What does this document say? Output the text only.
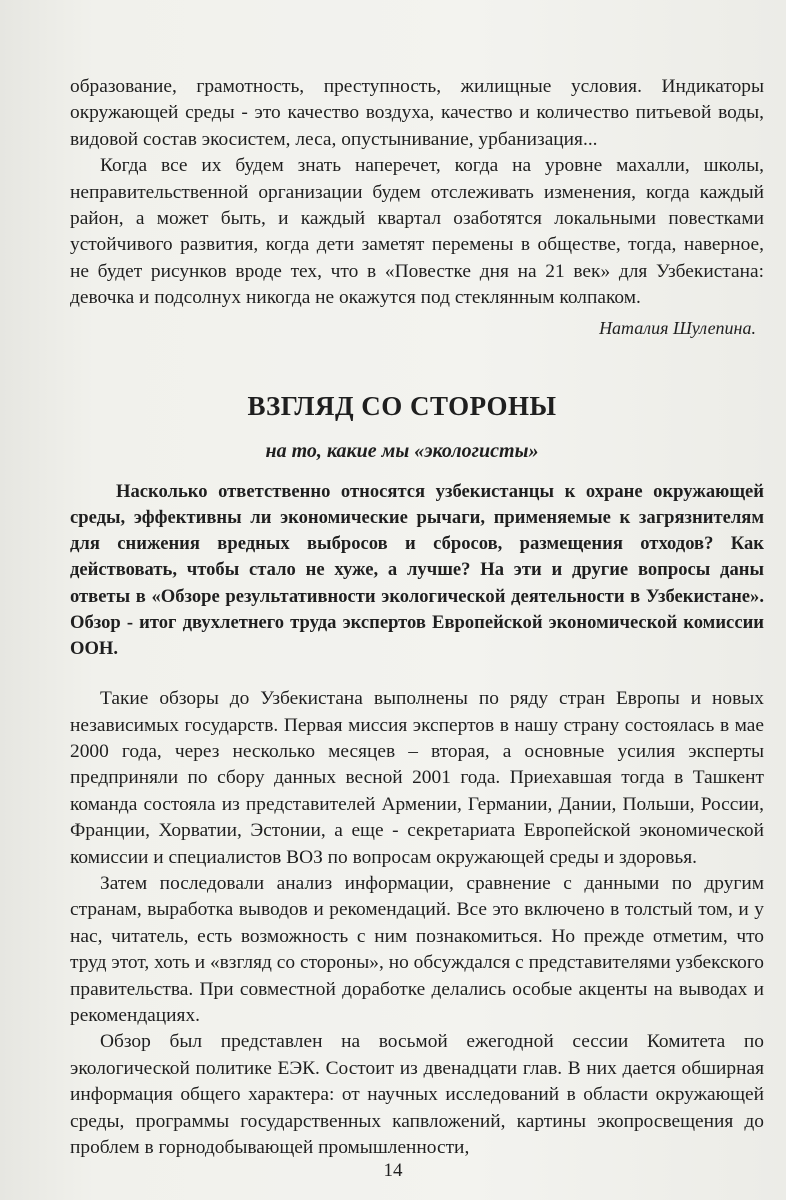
образование, грамотность, преступность, жилищные условия. Индикаторы окружающей среды - это качество воздуха, качество и количество питьевой воды, видовой состав экосистем, леса, опустынивание, урбанизация...

Когда все их будем знать наперечет, когда на уровне махалли, школы, неправительственной организации будем отслеживать изменения, когда каждый район, а может быть, и каждый квартал озаботятся локальными повестками устойчивого развития, когда дети заметят перемены в обществе, тогда, наверное, не будет рисунков вроде тех, что в «Повестке дня на 21 век» для Узбекистана: девочка и подсолнух никогда не окажутся под стеклянным колпаком.

Наталия Шулепина.

ВЗГЛЯД СО СТОРОНЫ
на то, какие мы «экологисты»

Насколько ответственно относятся узбекистанцы к охране окружающей среды, эффективны ли экономические рычаги, применяемые к загрязнителям для снижения вредных выбросов и сбросов, размещения отходов? Как действовать, чтобы стало не хуже, а лучше? На эти и другие вопросы даны ответы в «Обзоре результативности экологической деятельности в Узбекистане». Обзор - итог двухлетнего труда экспертов Европейской экономической комиссии ООН.

Такие обзоры до Узбекистана выполнены по ряду стран Европы и новых независимых государств. Первая миссия экспертов в нашу страну состоялась в мае 2000 года, через несколько месяцев – вторая, а основные усилия эксперты предприняли по сбору данных весной 2001 года. Приехавшая тогда в Ташкент команда состояла из представителей Армении, Германии, Дании, Польши, России, Франции, Хорватии, Эстонии, а еще - секретариата Европейской экономической комиссии и специалистов ВОЗ по вопросам окружающей среды и здоровья.

Затем последовали анализ информации, сравнение с данными по другим странам, выработка выводов и рекомендаций. Все это включено в толстый том, и у нас, читатель, есть возможность с ним познакомиться. Но прежде отметим, что труд этот, хоть и «взгляд со стороны», но обсуждался с представителями узбекского правительства. При совместной доработке делались особые акценты на выводах и рекомендациях.

Обзор был представлен на восьмой ежегодной сессии Комитета по экологической политике ЕЭК. Состоит из двенадцати глав. В них дается обширная информация общего характера: от научных исследований в области окружающей среды, программы государственных капвложений, картины экопросвещения до проблем в горнодобывающей промышленности,

14
